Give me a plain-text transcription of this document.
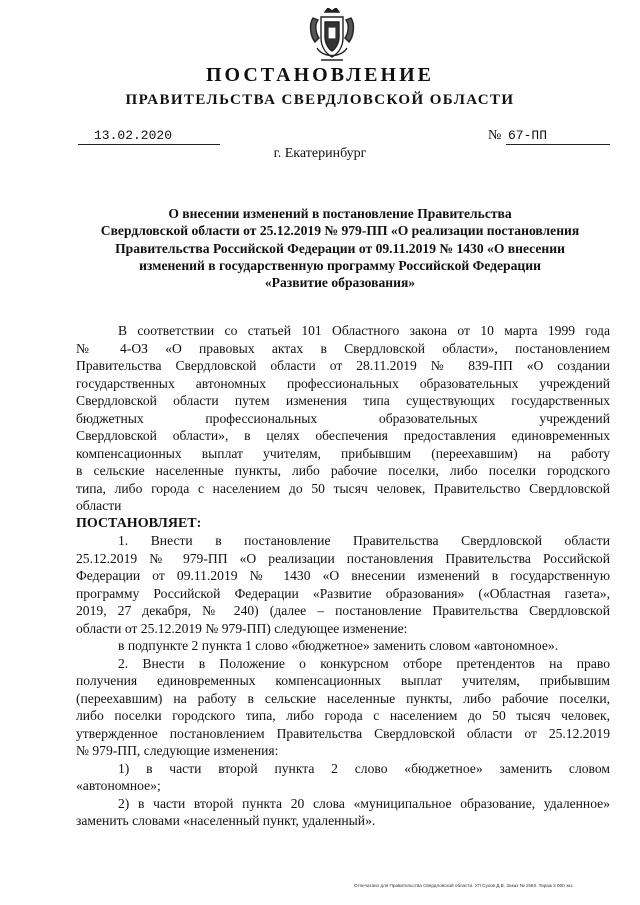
ПОСТАНОВЛЕНИЕ
ПРАВИТЕЛЬСТВА СВЕРДЛОВСКОЙ ОБЛАСТИ
13.02.2020	№ 67-ПП
г. Екатеринбург
О внесении изменений в постановление Правительства
Свердловской области от 25.12.2019 № 979-ПП «О реализации постановления
Правительства Российской Федерации от 09.11.2019 № 1430 «О внесении
изменений в государственную программу Российской Федерации
«Развитие образования»
В соответствии со статьей 101 Областного закона от 10 марта 1999 года
№ 4-ОЗ «О правовых актах в Свердловской области», постановлением
Правительства Свердловской области от 28.11.2019 № 839-ПП «О создании
государственных автономных профессиональных образовательных учреждений
Свердловской области путем изменения типа существующих государственных
бюджетных профессиональных образовательных учреждений
Свердловской области», в целях обеспечения предоставления единовременных
компенсационных выплат учителям, прибывшим (переехавшим) на работу
в сельские населенные пункты, либо рабочие поселки, либо поселки городского
типа, либо города с населением до 50 тысяч человек, Правительство Свердловской
области
ПОСТАНОВЛЯЕТ:
1. Внести в постановление Правительства Свердловской области
25.12.2019 № 979-ПП «О реализации постановления Правительства Российской
Федерации от 09.11.2019 № 1430 «О внесении изменений в государственную
программу Российской Федерации «Развитие образования» («Областная газета»,
2019, 27 декабря, № 240) (далее – постановление Правительства Свердловской
области от 25.12.2019 № 979-ПП) следующее изменение:
в подпункте 2 пункта 1 слово «бюджетное» заменить словом «автономное».
2. Внести в Положение о конкурсном отборе претендентов на право
получения единовременных компенсационных выплат учителям, прибывшим
(переехавшим) на работу в сельские населенные пункты, либо рабочие поселки,
либо поселки городского типа, либо города с населением до 50 тысяч человек,
утвержденное постановлением Правительства Свердловской области от 25.12.2019
№ 979-ПП, следующие изменения:
1) в части второй пункта 2 слово «бюджетное» заменить словом
«автономное»;
2) в части второй пункта 20 слова «муниципальное образование, удаленное»
заменить словами «населенный пункт, удаленный».
Отпечатано для Правительства Свердловской области. УП Сухов Д.В. Заказ № 1583. Тираж 2 000 экз.
